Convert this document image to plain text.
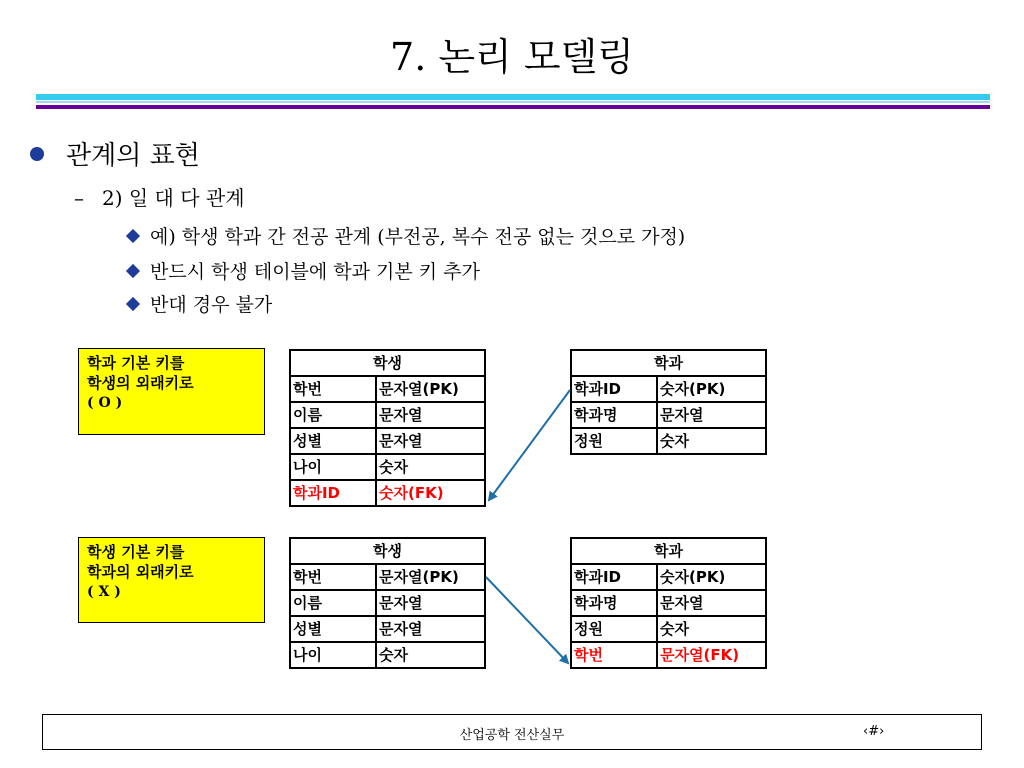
7. 논리 모델링
관계의 표현
– 2) 일 대 다 관계
예) 학생 학과 간 전공 관계 (부전공, 복수 전공 없는 것으로 가정)
반드시 학생 테이블에 학과 기본 키 추가
반대 경우 불가
학과 기본 키를
학생의 외래키로
( O )
학생	
학번	문자열(PK)
이름	문자열
성별	문자열
나이	숫자
학과ID	숫자(FK)
학과	
학과ID	숫자(PK)
학과명	문자열
정원	숫자
학생 기본 키를
학과의 외래키로
( X )
학생	
학번	문자열(PK)
이름	문자열
성별	문자열
나이	숫자
학과	
학과ID	숫자(PK)
학과명	문자열
정원	숫자
학번	문자열(FK)
산업공학 전산실무	‹#›
